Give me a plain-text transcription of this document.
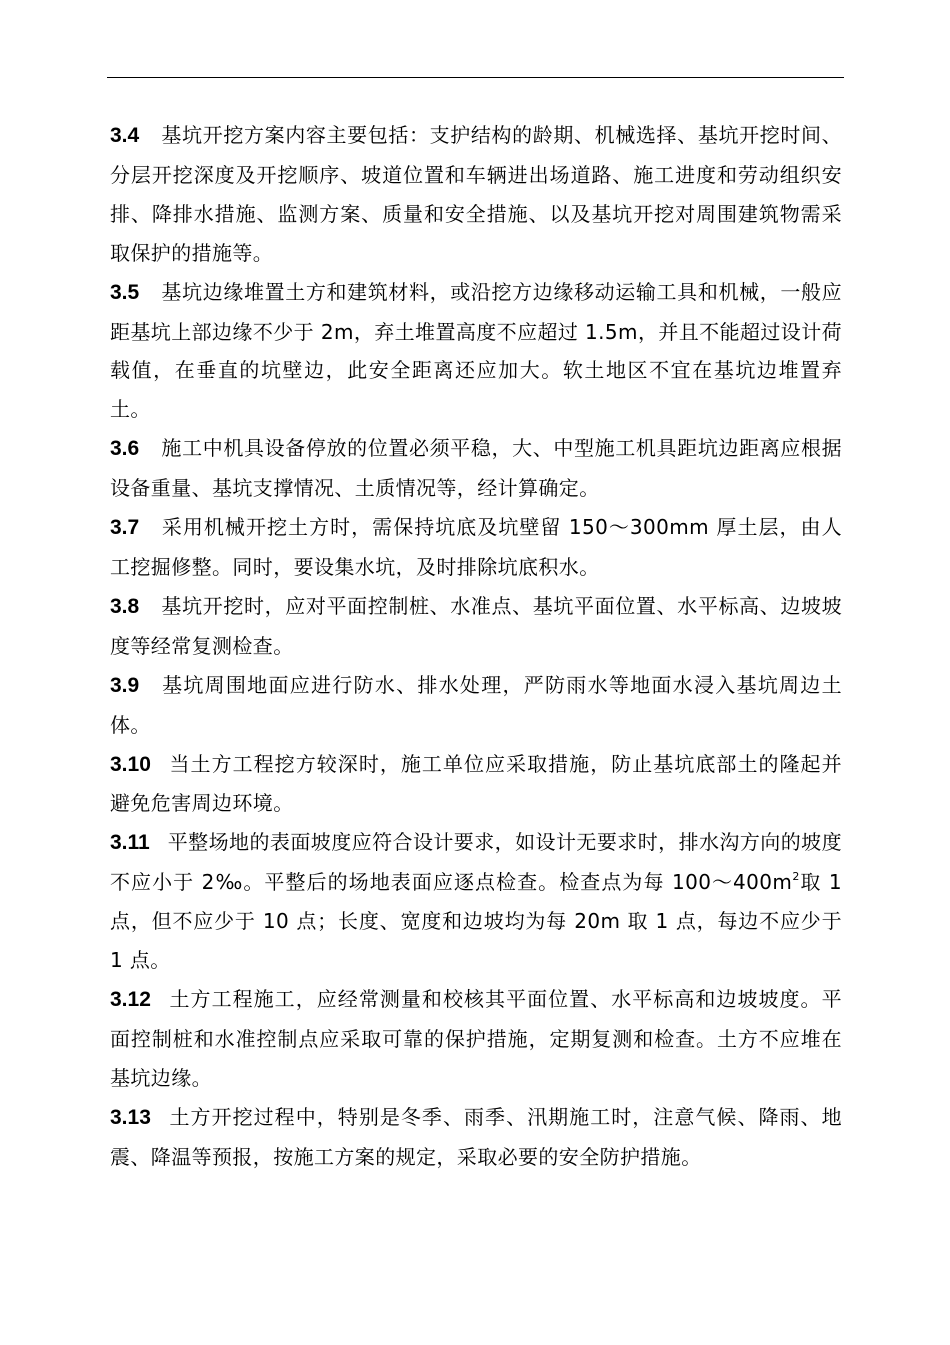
3.4 基坑开挖方案内容主要包括：支护结构的龄期、机械选择、基坑开挖时间、分层开挖深度及开挖顺序、坡道位置和车辆进出场道路、施工进度和劳动组织安排、降排水措施、监测方案、质量和安全措施、以及基坑开挖对周围建筑物需采取保护的措施等。

3.5 基坑边缘堆置土方和建筑材料，或沿挖方边缘移动运输工具和机械，一般应距基坑上部边缘不少于 2m，弃土堆置高度不应超过 1.5m，并且不能超过设计荷载值，在垂直的坑壁边，此安全距离还应加大。软土地区不宜在基坑边堆置弃土。

3.6 施工中机具设备停放的位置必须平稳，大、中型施工机具距坑边距离应根据设备重量、基坑支撑情况、土质情况等，经计算确定。

3.7 采用机械开挖土方时，需保持坑底及坑壁留 150～300mm 厚土层，由人工挖掘修整。同时，要设集水坑，及时排除坑底积水。

3.8 基坑开挖时，应对平面控制桩、水准点、基坑平面位置、水平标高、边坡坡度等经常复测检查。

3.9 基坑周围地面应进行防水、排水处理，严防雨水等地面水浸入基坑周边土体。

3.10 当土方工程挖方较深时，施工单位应采取措施，防止基坑底部土的隆起并避免危害周边环境。

3.11 平整场地的表面坡度应符合设计要求，如设计无要求时，排水沟方向的坡度不应小于 2‰。平整后的场地表面应逐点检查。检查点为每 $100\sim 400m^2$取 1 点，但不应少于 10 点；长度、宽度和边坡均为每 20m 取 1 点，每边不应少于 1 点。

3.12 土方工程施工，应经常测量和校核其平面位置、水平标高和边坡坡度。平面控制桩和水准控制点应采取可靠的保护措施，定期复测和检查。土方不应堆在基坑边缘。

3.13 土方开挖过程中，特别是冬季、雨季、汛期施工时，注意气候、降雨、地震、降温等预报，按施工方案的规定，采取必要的安全防护措施。
